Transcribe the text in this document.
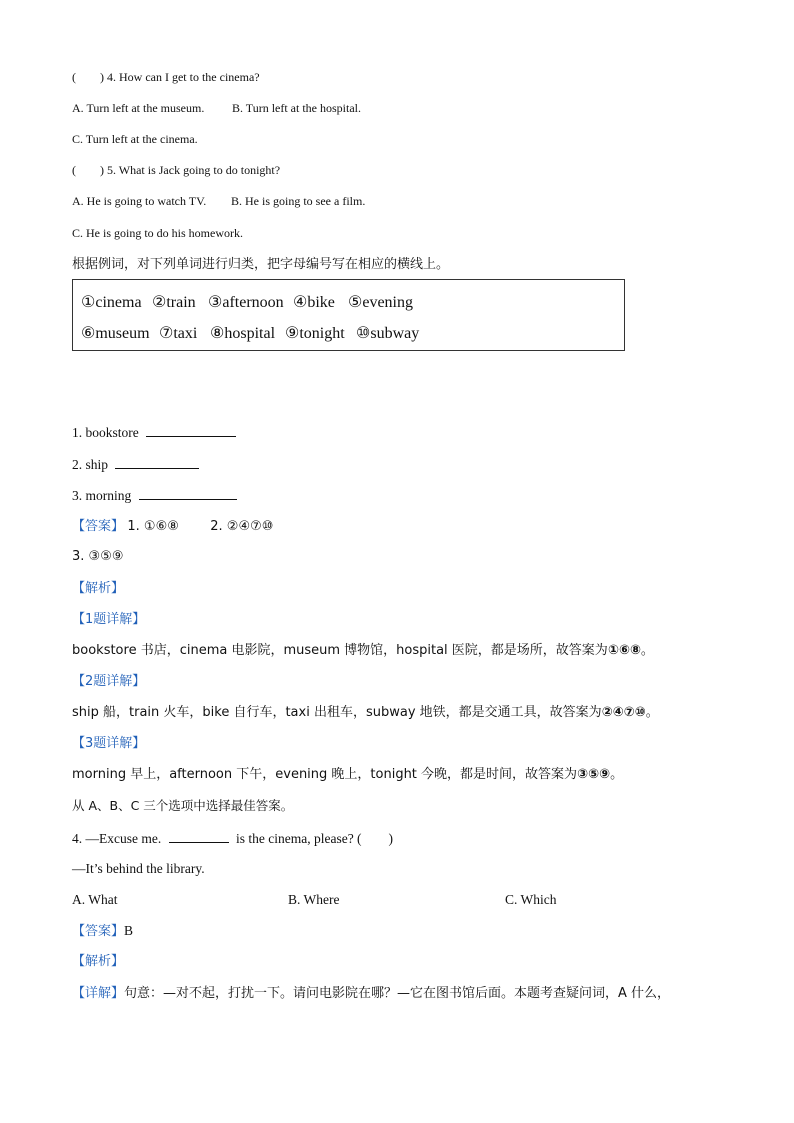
(　　) 4. How can I get to the cinema?
A. Turn left at the museum. B. Turn left at the hospital.
C. Turn left at the cinema.
(　　) 5. What is Jack going to do tonight?
A. He is going to watch TV. B. He is going to see a film.
C. He is going to do his homework.
根据例词，对下列单词进行归类，把字母编号写在相应的横线上。
①cinema ②train ③afternoon ④bike ⑤evening
⑥museum ⑦taxi ⑧hospital ⑨tonight ⑩subway
1. bookstore
2. ship
3. morning
【答案】 1. ①⑥⑧ 2. ②④⑦⑩
3. ③⑤⑨
【解析】
【1题详解】
bookstore 书店，cinema 电影院，museum 博物馆，hospital 医院，都是场所，故答案为①⑥⑧。
【2题详解】
ship 船，train 火车，bike 自行车，taxi 出租车，subway 地铁，都是交通工具，故答案为②④⑦⑩。
【3题详解】
morning 早上，afternoon 下午，evening 晚上，tonight 今晚，都是时间，故答案为③⑤⑨。
从 A、B、C 三个选项中选择最佳答案。
4. —Excuse me.	is the cinema, please? (　　)
—It’s behind the library.
A. What	B. Where	C. Which
【答案】B
【解析】
【详解】句意：—对不起，打扰一下。请问电影院在哪？—它在图书馆后面。本题考查疑问词，A 什么，
